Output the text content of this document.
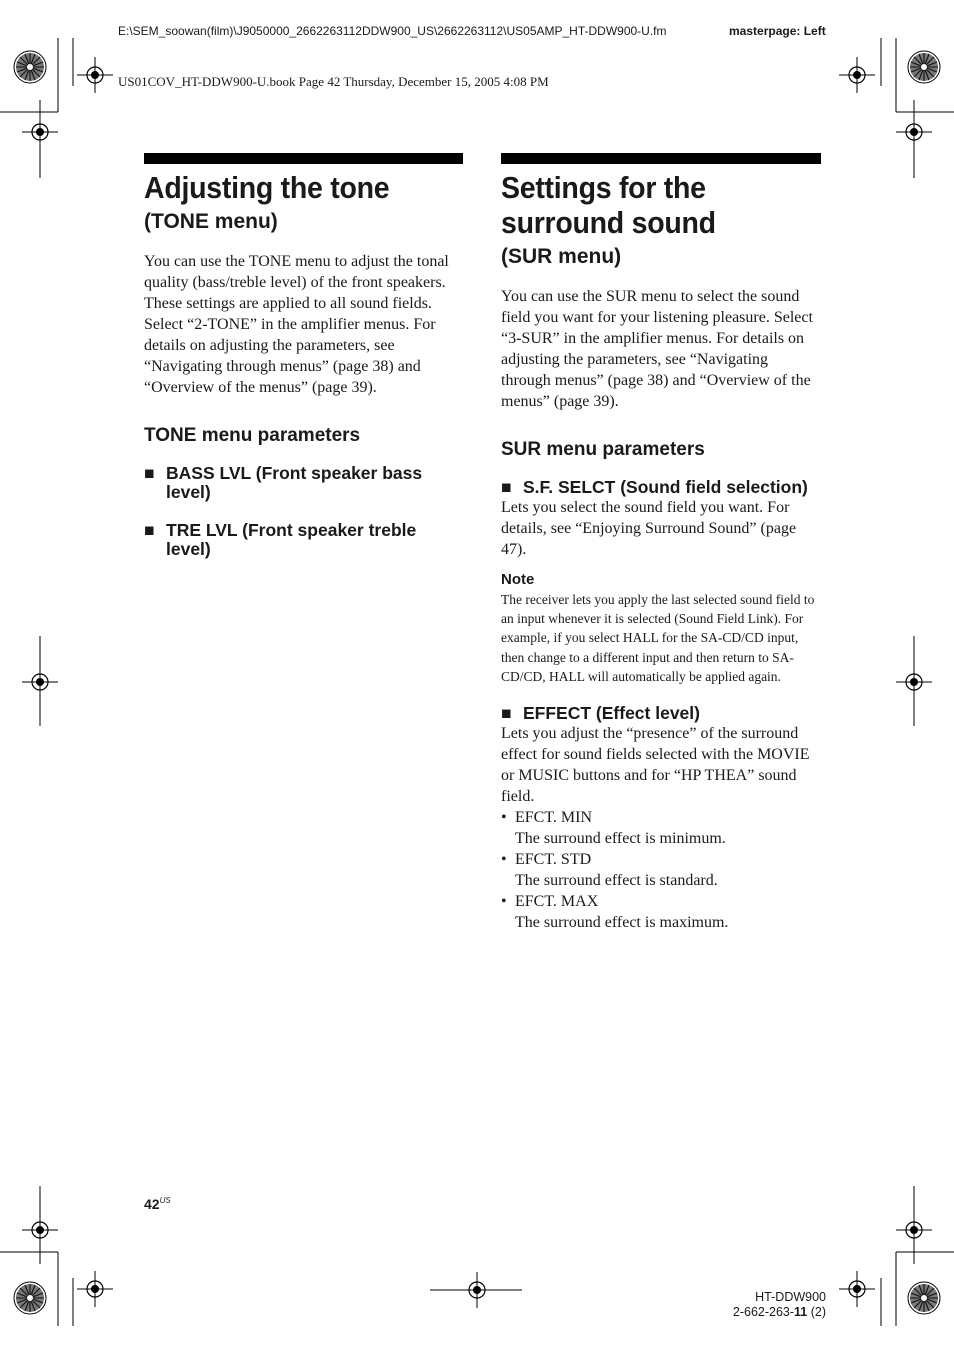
E:\SEM_soowan(film)\J9050000_2662263112DDW900_US\2662263112\US05AMP_HT-DDW900-U.fm	masterpage: Left
US01COV_HT-DDW900-U.book Page 42 Thursday, December 15, 2005 4:08 PM
Adjusting the tone
(TONE menu)

You can use the TONE menu to adjust the tonal quality (bass/treble level) of the front speakers. These settings are applied to all sound fields.

Select “2-TONE” in the amplifier menus. For details on adjusting the parameters, see “Navigating through menus” (page 38) and “Overview of the menus” (page 39).

TONE menu parameters
■ BASS LVL (Front speaker bass level)
■ TRE LVL (Front speaker treble level)
Settings for the surround sound
(SUR menu)

You can use the SUR menu to select the sound field you want for your listening pleasure. Select “3-SUR” in the amplifier menus. For details on adjusting the parameters, see “Navigating through menus” (page 38) and “Overview of the menus” (page 39).

SUR menu parameters
■ S.F. SELCT (Sound field selection)

Lets you select the sound field you want. For details, see “Enjoying Surround Sound” (page 47).

Note

The receiver lets you apply the last selected sound field to an input whenever it is selected (Sound Field Link). For example, if you select HALL for the SA-CD/CD input, then change to a different input and then return to SA-CD/CD, HALL will automatically be applied again.

■ EFFECT (Effect level)

Lets you adjust the “presence” of the surround effect for sound fields selected with the MOVIE or MUSIC buttons and for “HP THEA” sound field.

• EFCT. MIN
The surround effect is minimum.
• EFCT. STD
The surround effect is standard.
• EFCT. MAX
The surround effect is maximum.
$42^{US}$
HT-DDW900
2-662-263-11 (2)
